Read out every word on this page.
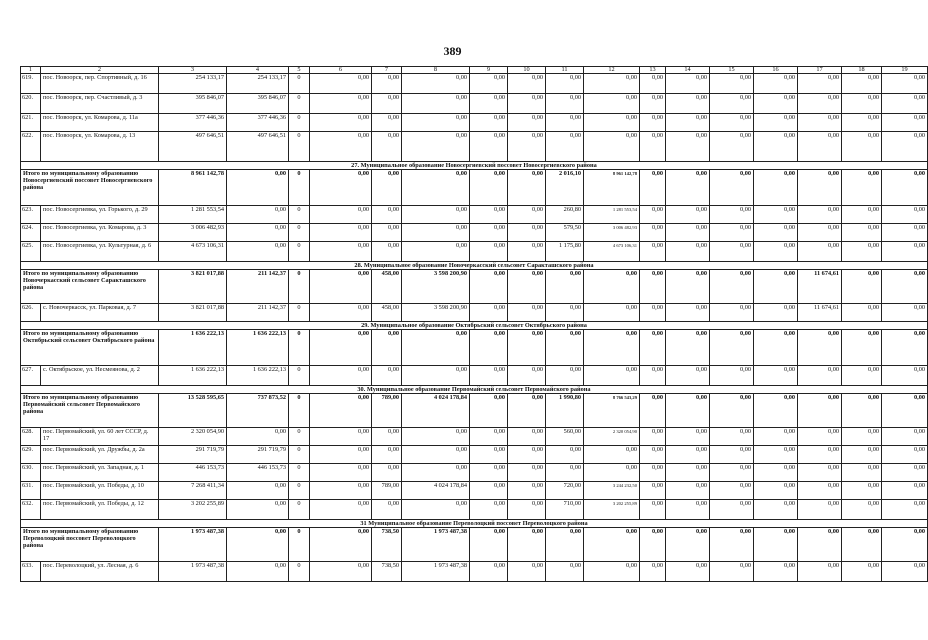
389
1	2	3	4	5	6	7	8	9	10	11	12	13	14	15	16	17	18	19
619.	пос. Новоорск, пер. Спортивный, д. 16	254 133,17	254 133,17	0	0,00	0,00	0,00	0,00	0,00	0,00	0,00	0,00	0,00	0,00	0,00	0,00	0,00	0,00
620.	пос. Новоорск, пер. Счастливый, д. 3	395 846,07	395 846,07	0	0,00	0,00	0,00	0,00	0,00	0,00	0,00	0,00	0,00	0,00	0,00	0,00	0,00	0,00
621.	пос. Новоорск, ул. Комарова, д. 11а	377 446,36	377 446,36	0	0,00	0,00	0,00	0,00	0,00	0,00	0,00	0,00	0,00	0,00	0,00	0,00	0,00	0,00
622.	пос. Новоорск, ул. Комарова, д. 13	497 646,51	497 646,51	0	0,00	0,00	0,00	0,00	0,00	0,00	0,00	0,00	0,00	0,00	0,00	0,00	0,00	0,00
27. Муниципальное образование Новосергиевский поссовет Новосергиевского района																		
Итого по муниципальному образованию Новосергиевский поссовет Новосергиевского района		8 961 142,78	0,00	0	0,00	0,00	0,00	0,00	0,00	2 016,10	8 961 142,78	0,00	0,00	0,00	0,00	0,00	0,00	0,00
623.	пос. Новосергиевка, ул. Горького, д. 29	1 281 553,54	0,00	0	0,00	0,00	0,00	0,00	0,00	260,80	1 281 553,54	0,00	0,00	0,00	0,00	0,00	0,00	0,00
624.	пос. Новосергиевка, ул. Комарова, д. 3	3 006 482,93	0,00	0	0,00	0,00	0,00	0,00	0,00	579,50	3 006 482,93	0,00	0,00	0,00	0,00	0,00	0,00	0,00
625.	пос. Новосергиевка, ул. Культурная, д. 6	4 673 106,31	0,00	0	0,00	0,00	0,00	0,00	0,00	1 175,80	4 673 106,31	0,00	0,00	0,00	0,00	0,00	0,00	0,00
28. Муниципальное образование Новочеркасский сельсовет Саракташского района																		
Итого по муниципальному образованию Новочеркасский сельсовет Саракташского района		3 821 017,88	211 142,37	0	0,00	458,00	3 598 200,90	0,00	0,00	0,00	0,00	0,00	0,00	0,00	0,00	11 674,61	0,00	0,00
626.	с. Новочеркасск, ул. Парковая, д. 7	3 821 017,88	211 142,37	0	0,00	458,00	3 598 200,90	0,00	0,00	0,00	0,00	0,00	0,00	0,00	0,00	11 674,61	0,00	0,00
29. Муниципальное образование Октябрьский сельсовет Октябрьского района																		
Итого по муниципальному образованию Октябрьский сельсовет Октябрьского района		1 636 222,13	1 636 222,13	0	0,00	0,00	0,00	0,00	0,00	0,00	0,00	0,00	0,00	0,00	0,00	0,00	0,00	0,00
627.	с. Октябрьское, ул. Несмеянова, д. 2	1 636 222,13	1 636 222,13	0	0,00	0,00	0,00	0,00	0,00	0,00	0,00	0,00	0,00	0,00	0,00	0,00	0,00	0,00
30. Муниципальное образование Первомайский сельсовет Первомайского района																		
Итого по муниципальному образованию Первомайский сельсовет Первомайского района		13 528 595,65	737 873,52	0	0,00	789,00	4 024 178,84	0,00	0,00	1 990,80	8 766 543,29	0,00	0,00	0,00	0,00	0,00	0,00	0,00
628.	пос. Первомайский, ул. 60 лет СССР, д. 17	2 320 054,90	0,00	0	0,00	0,00	0,00	0,00	0,00	560,00	2 320 054,90	0,00	0,00	0,00	0,00	0,00	0,00	0,00
629.	пос. Первомайский, ул. Дружбы, д. 2а	291 719,79	291 719,79	0	0,00	0,00	0,00	0,00	0,00	0,00	0,00	0,00	0,00	0,00	0,00	0,00	0,00	0,00
630.	пос. Первомайский, ул. Западная, д. 1	446 153,73	446 153,73	0	0,00	0,00	0,00	0,00	0,00	0,00	0,00	0,00	0,00	0,00	0,00	0,00	0,00	0,00
631.	пос. Первомайский, ул. Победы, д. 10	7 268 411,34	0,00	0	0,00	789,00	4 024 178,84	0,00	0,00	720,00	3 244 232,50	0,00	0,00	0,00	0,00	0,00	0,00	0,00
632.	пос. Первомайский, ул. Победы, д. 12	3 202 255,89	0,00	0	0,00	0,00	0,00	0,00	0,00	710,00	3 202 255,89	0,00	0,00	0,00	0,00	0,00	0,00	0,00
31 Муниципальное образование Переволоцкий поссовет Переволоцкого района																		
Итого по муниципальному образованию Переволоцкий поссовет Переволоцкого района		1 973 487,38	0,00	0	0,00	738,50	1 973 487,38	0,00	0,00	0,00	0,00	0,00	0,00	0,00	0,00	0,00	0,00	0,00
633.	пос. Переволоцкий, ул. Лесная, д. 6	1 973 487,38	0,00	0	0,00	738,50	1 973 487,38	0,00	0,00	0,00	0,00	0,00	0,00	0,00	0,00	0,00	0,00	0,00
